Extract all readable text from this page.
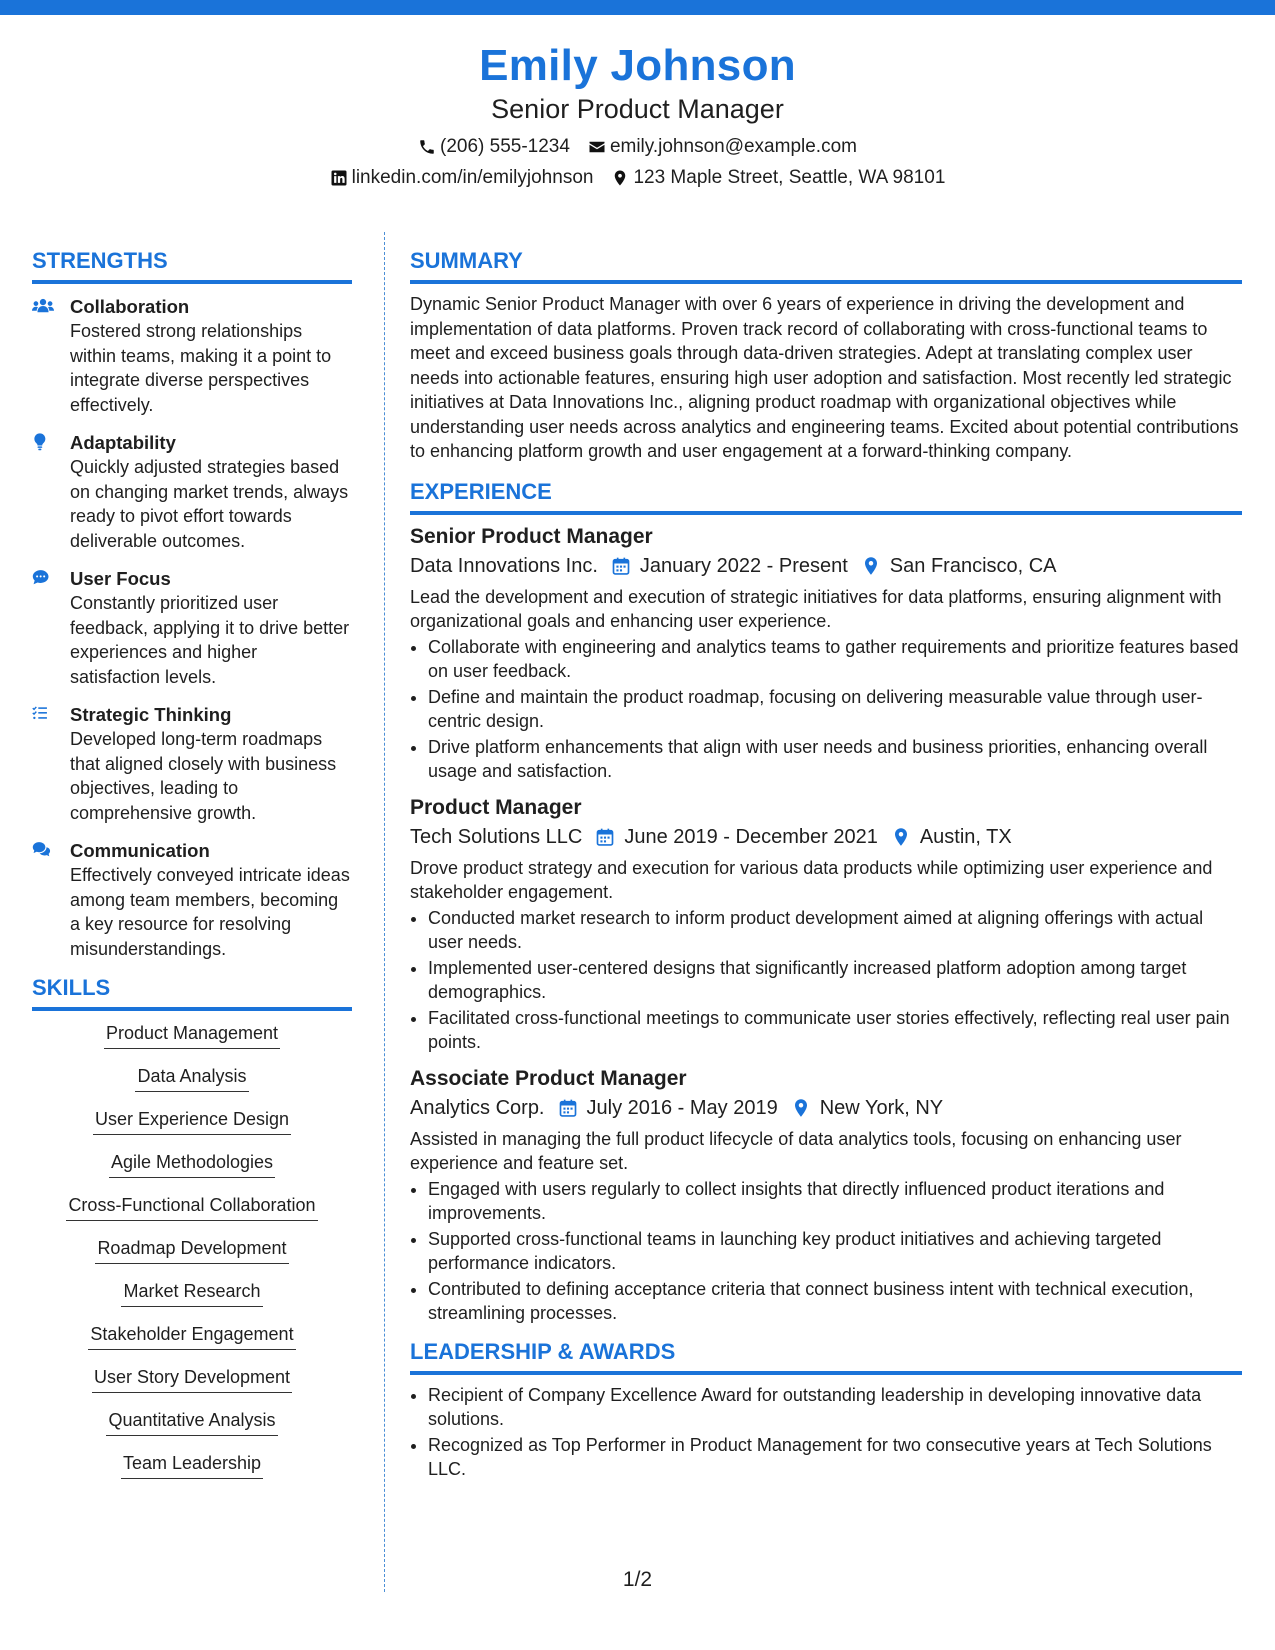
Emily Johnson
Senior Product Manager
(206) 555-1234 emily.johnson@example.com
linkedin.com/in/emilyjohnson 123 Maple Street, Seattle, WA 98101
STRENGTHS
Collaboration
Fostered strong relationships within teams, making it a point to integrate diverse perspectives effectively.
Adaptability
Quickly adjusted strategies based on changing market trends, always ready to pivot effort towards deliverable outcomes.
User Focus
Constantly prioritized user feedback, applying it to drive better experiences and higher satisfaction levels.
Strategic Thinking
Developed long-term roadmaps that aligned closely with business objectives, leading to comprehensive growth.
Communication
Effectively conveyed intricate ideas among team members, becoming a key resource for resolving misunderstandings.
SKILLS
Product Management
Data Analysis
User Experience Design
Agile Methodologies
Cross-Functional Collaboration
Roadmap Development
Market Research
Stakeholder Engagement
User Story Development
Quantitative Analysis
Team Leadership
SUMMARY
Dynamic Senior Product Manager with over 6 years of experience in driving the development and implementation of data platforms. Proven track record of collaborating with cross-functional teams to meet and exceed business goals through data-driven strategies. Adept at translating complex user needs into actionable features, ensuring high user adoption and satisfaction. Most recently led strategic initiatives at Data Innovations Inc., aligning product roadmap with organizational objectives while understanding user needs across analytics and engineering teams. Excited about potential contributions to enhancing platform growth and user engagement at a forward-thinking company.
EXPERIENCE
Senior Product Manager
Data Innovations Inc. January 2022 - Present San Francisco, CA
Lead the development and execution of strategic initiatives for data platforms, ensuring alignment with organizational goals and enhancing user experience.
• Collaborate with engineering and analytics teams to gather requirements and prioritize features based on user feedback.
• Define and maintain the product roadmap, focusing on delivering measurable value through user-centric design.
• Drive platform enhancements that align with user needs and business priorities, enhancing overall usage and satisfaction.
Product Manager
Tech Solutions LLC June 2019 - December 2021 Austin, TX
Drove product strategy and execution for various data products while optimizing user experience and stakeholder engagement.
• Conducted market research to inform product development aimed at aligning offerings with actual user needs.
• Implemented user-centered designs that significantly increased platform adoption among target demographics.
• Facilitated cross-functional meetings to communicate user stories effectively, reflecting real user pain points.
Associate Product Manager
Analytics Corp. July 2016 - May 2019 New York, NY
Assisted in managing the full product lifecycle of data analytics tools, focusing on enhancing user experience and feature set.
• Engaged with users regularly to collect insights that directly influenced product iterations and improvements.
• Supported cross-functional teams in launching key product initiatives and achieving targeted performance indicators.
• Contributed to defining acceptance criteria that connect business intent with technical execution, streamlining processes.
LEADERSHIP & AWARDS
• Recipient of Company Excellence Award for outstanding leadership in developing innovative data solutions.
• Recognized as Top Performer in Product Management for two consecutive years at Tech Solutions LLC.
1/2
